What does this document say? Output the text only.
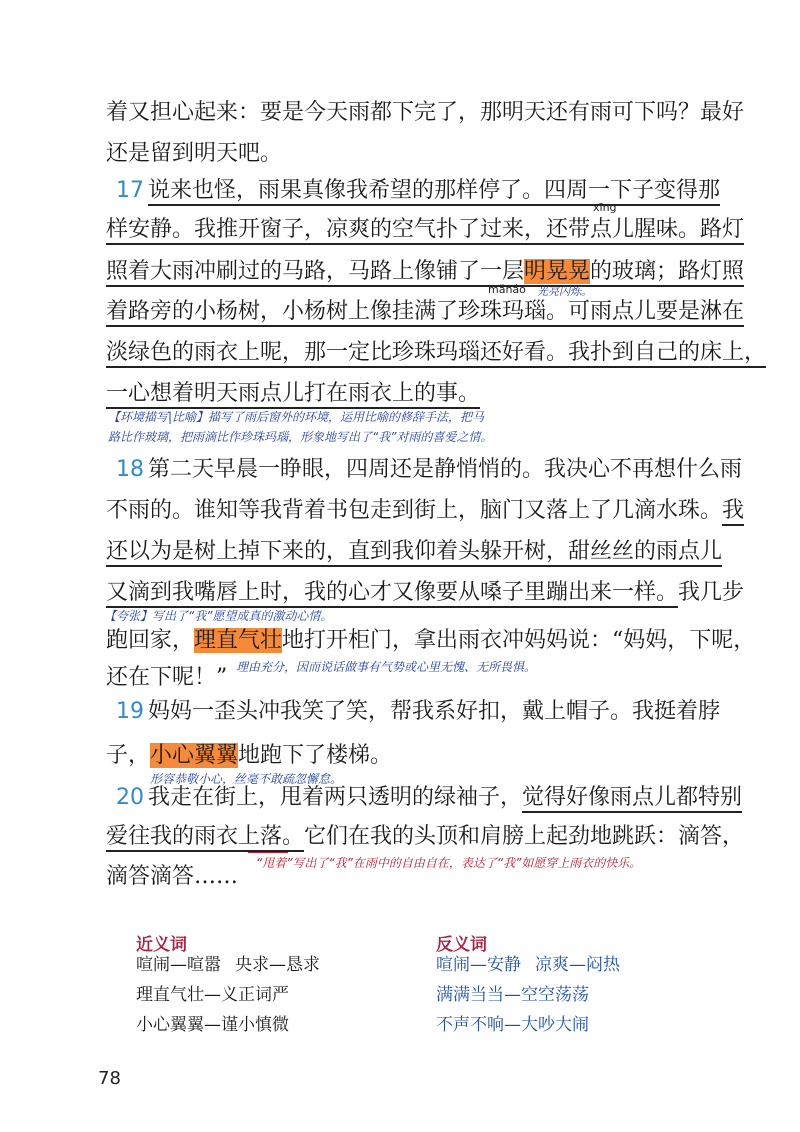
着又担心起来：要是今天雨都下完了，那明天还有雨可下吗？最好
还是留到明天吧。
17 说来也怪，雨果真像我希望的那样停了。四周一下子变得那
xīng
样安静。我推开窗子，凉爽的空气扑了过来，还带点儿腥味。路灯
照着大雨冲刷过的马路，马路上像铺了一层明晃晃的玻璃；路灯照
mǎnáo 光亮闪烁。
着路旁的小杨树，小杨树上像挂满了珍珠玛瑙。可雨点儿要是淋在
淡绿色的雨衣上呢，那一定比珍珠玛瑙还好看。我扑到自己的床上，
一心想着明天雨点儿打在雨衣上的事。
【环境描写|比喻】描写了雨后窗外的环境，运用比喻的修辞手法，把马
路比作玻璃，把雨滴比作珍珠玛瑙，形象地写出了“我”对雨的喜爱之情。
18 第二天早晨一睁眼，四周还是静悄悄的。我决心不再想什么雨
不雨的。谁知等我背着书包走到街上，脑门又落上了几滴水珠。我
还以为是树上掉下来的，直到我仰着头躲开树，甜丝丝的雨点儿
又滴到我嘴唇上时，我的心才又像要从嗓子里蹦出来一样。我几步
【夸张】写出了“我”愿望成真的激动心情。
跑回家，理直气壮地打开柜门，拿出雨衣冲妈妈说：“妈妈，下呢，
还在下呢！” 理由充分，因而说话做事有气势或心里无愧、无所畏惧。
19 妈妈一歪头冲我笑了笑，帮我系好扣，戴上帽子。我挺着脖
子，小心翼翼地跑下了楼梯。
形容恭敬小心，丝毫不敢疏忽懈怠。
20 我走在街上，甩着两只透明的绿袖子，觉得好像雨点儿都特别
爱往我的雨衣上落。它们在我的头顶和肩膀上起劲地跳跃：滴答，
“甩着”写出了“我”在雨中的自由自在，表达了“我”如愿穿上雨衣的快乐。
滴答滴答……
近义词
喧闹—喧嚣 央求—恳求
理直气壮—义正词严
小心翼翼—谨小慎微
反义词
喧闹—安静 凉爽—闷热
满满当当—空空荡荡
不声不响—大吵大闹
78
